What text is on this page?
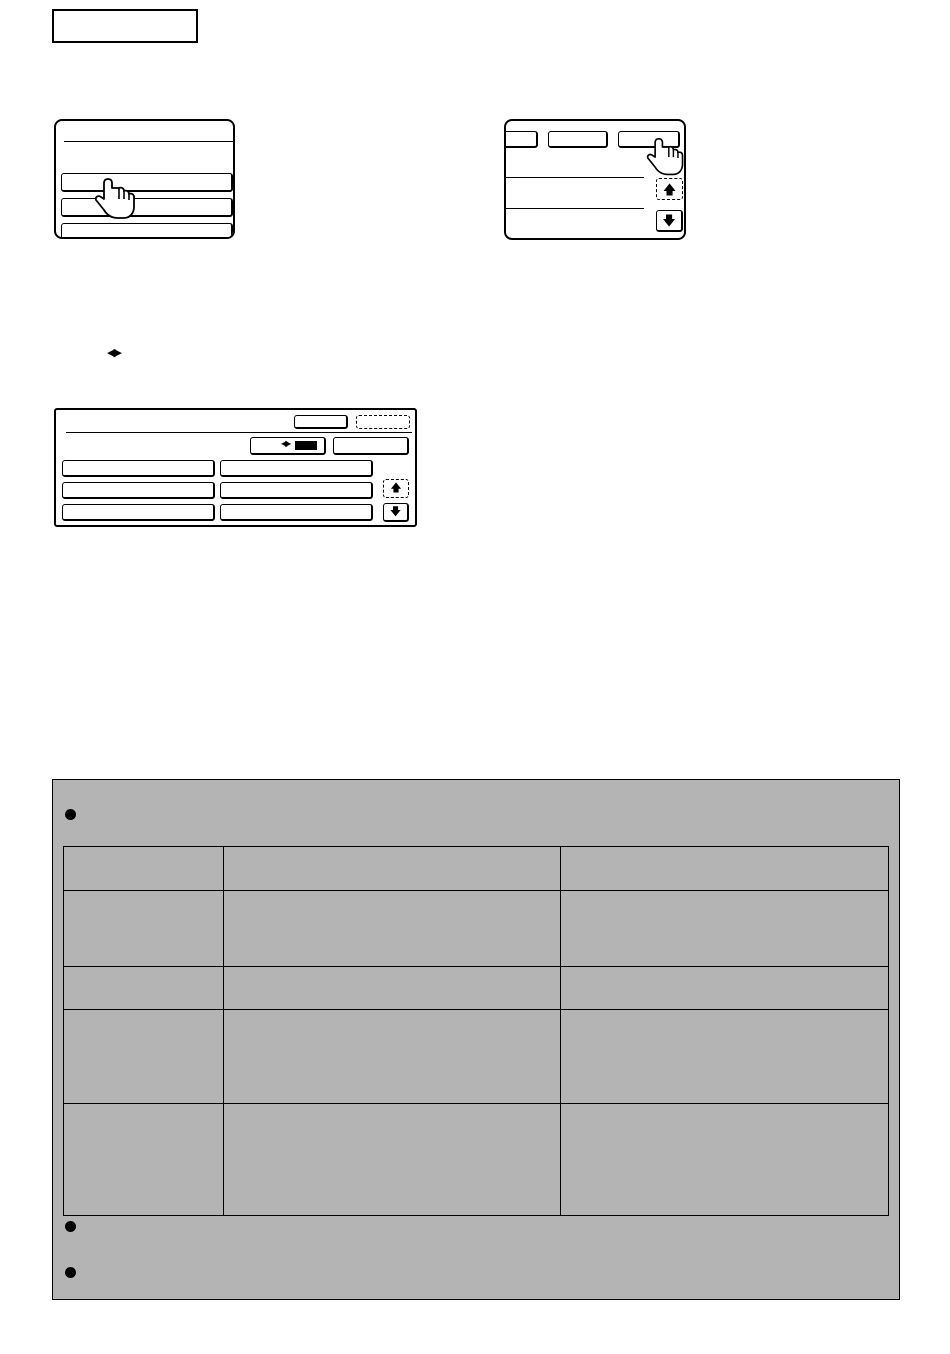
🡅
🡇
◀▶
◀▶
🡅
🡇
